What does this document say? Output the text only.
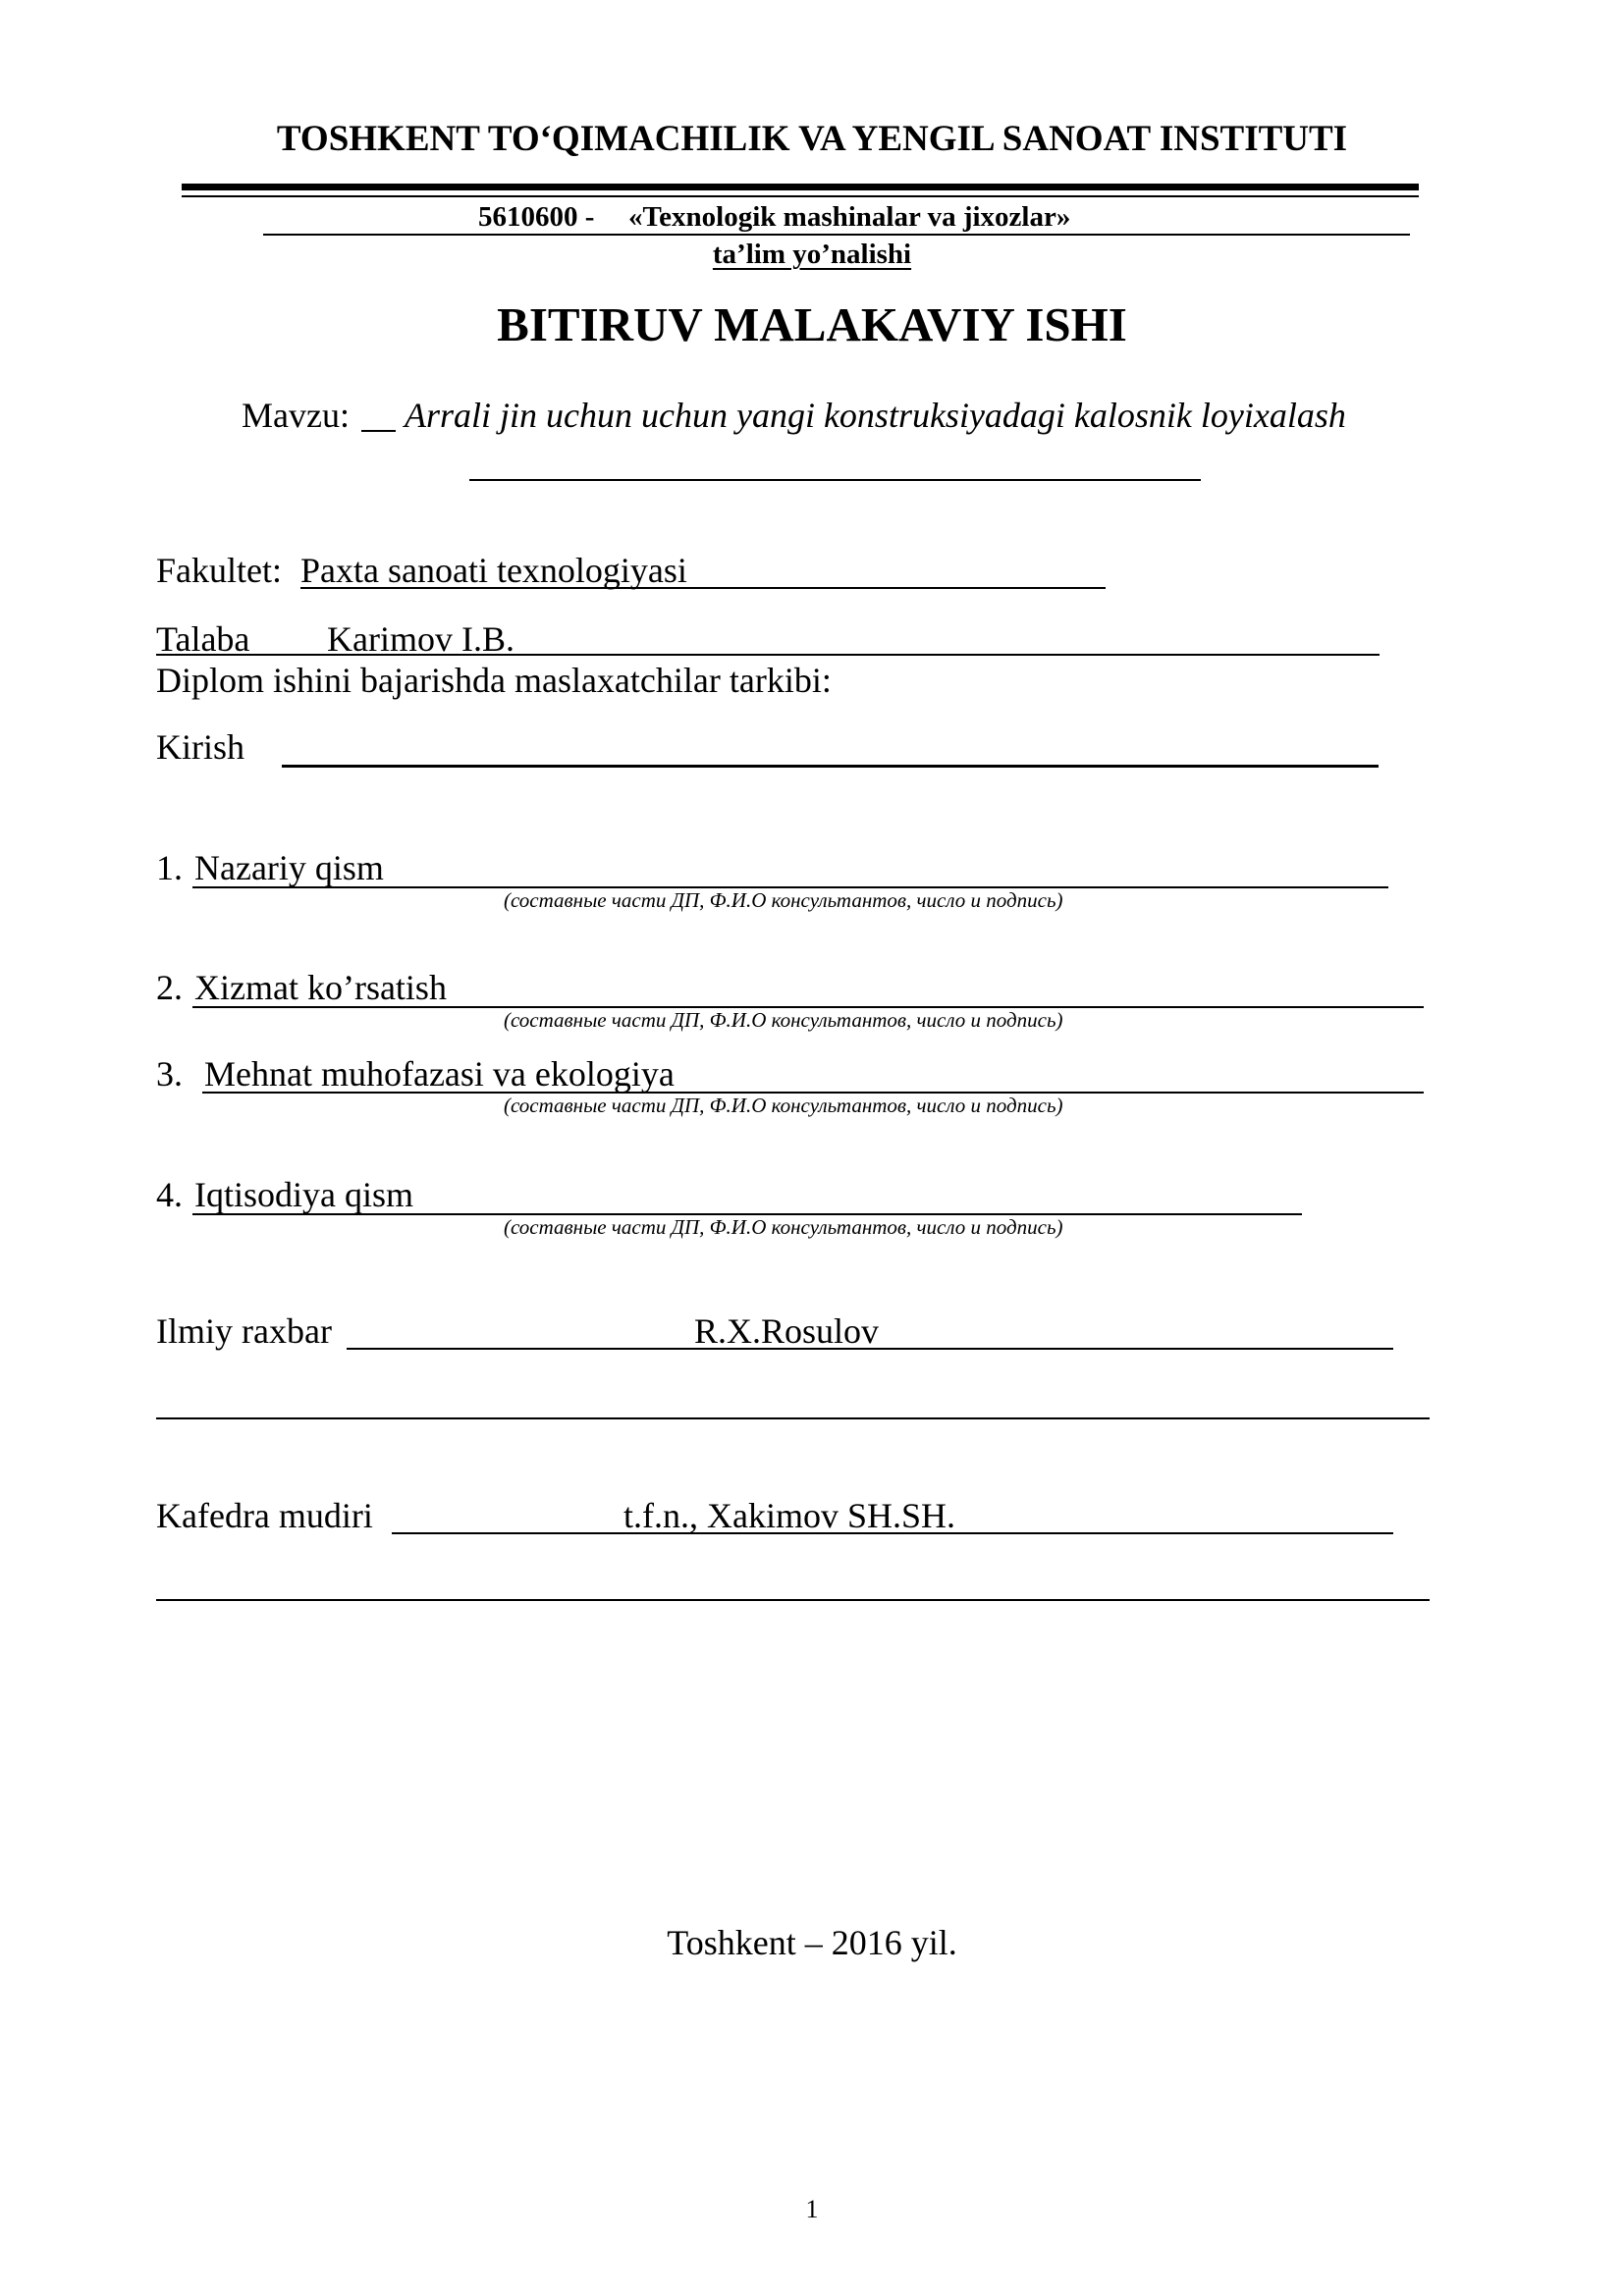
TOSHKENT TO‘QIMACHILIK VA YENGIL SANOAT INSTITUTI
5610600 - «Texnologik mashinalar va jixozlar»
ta’lim yo’nalishi
BITIRUV MALAKAVIY ISHI
Mavzu: Arrali jin uchun uchun yangi konstruksiyadagi kalosnik loyixalash
Fakultet: Paxta sanoati texnologiyasi
Talaba Karimov I.B.
Diplom ishini bajarishda maslaxatchilar tarkibi:
Kirish
1. Nazariy qism
(составные части ДП, Ф.И.О консультантов, число и подпись)
2. Xizmat ko’rsatish
(составные части ДП, Ф.И.О консультантов, число и подпись)
3. Mehnat muhofazasi va ekologiya
(составные части ДП, Ф.И.О консультантов, число и подпись)
4. Iqtisodiya qism
(составные части ДП, Ф.И.О консультантов, число и подпись)
Ilmiy raxbar	R.X.Rosulov
Kafedra mudiri	t.f.n., Xakimov SH.SH.
Toshkent – 2016 yil.
1
